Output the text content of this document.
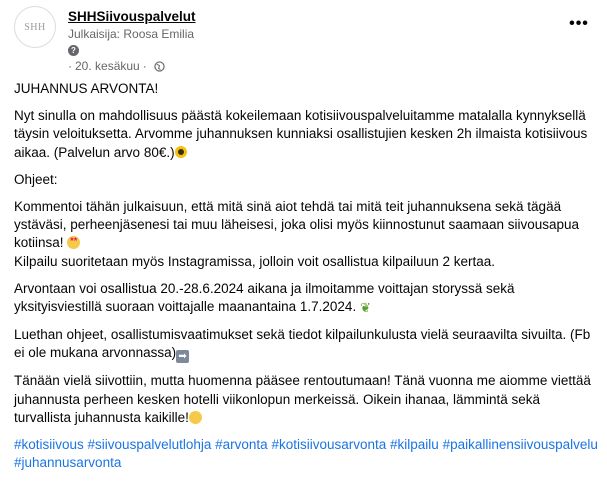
SHH
SHHSiivouspalvelut
Julkaisija: Roosa Emilia
?
· 20. kesäkuu ·
•••

JUHANNUS ARVONTA!

Nyt sinulla on mahdollisuus päästä kokeilemaan kotisiivouspalveluitamme matalalla kynnyksellä täysin veloituksetta. Arvomme juhannuksen kunniaksi osallistujien kesken 2h ilmaista kotisiivous aikaa. (Palvelun arvo 80€.)

Ohjeet:

Kommentoi tähän julkaisuun, että mitä sinä aiot tehdä tai mitä teit juhannuksena sekä tägää ystäväsi, perheenjäsenesi tai muu läheisesi, joka olisi myös kiinnostunut saamaan siivousapua kotiinsa! ★ ★
Kilpailu suoritetaan myös Instagramissa, jolloin voit osallistua kilpailuun 2 kertaa.

Arvontaan voi osallistua 20.-28.6.2024 aikana ja ilmoitamme voittajan storyssä sekä yksityisviestillä suoraan voittajalle maanantaina 1.7.2024. ❦

Luethan ohjeet, osallistumisvaatimukset sekä tiedot kilpailunkulusta vielä seuraavilta sivuilta. (Fb ei ole mukana arvonnassa) ➡

Tänään vielä siivottiin, mutta huomenna pääsee rentoutumaan! Tänä vuonna me aiomme viettää juhannusta perheen kesken hotelli viikonlopun merkeissä. Oikein ihanaa, lämmintä sekä turvallista juhannusta kaikille!

#kotisiivous #siivouspalvelutlohja #arvonta #kotisiivousarvonta #kilpailu #paikallinensiivouspalvelu #juhannusarvonta
